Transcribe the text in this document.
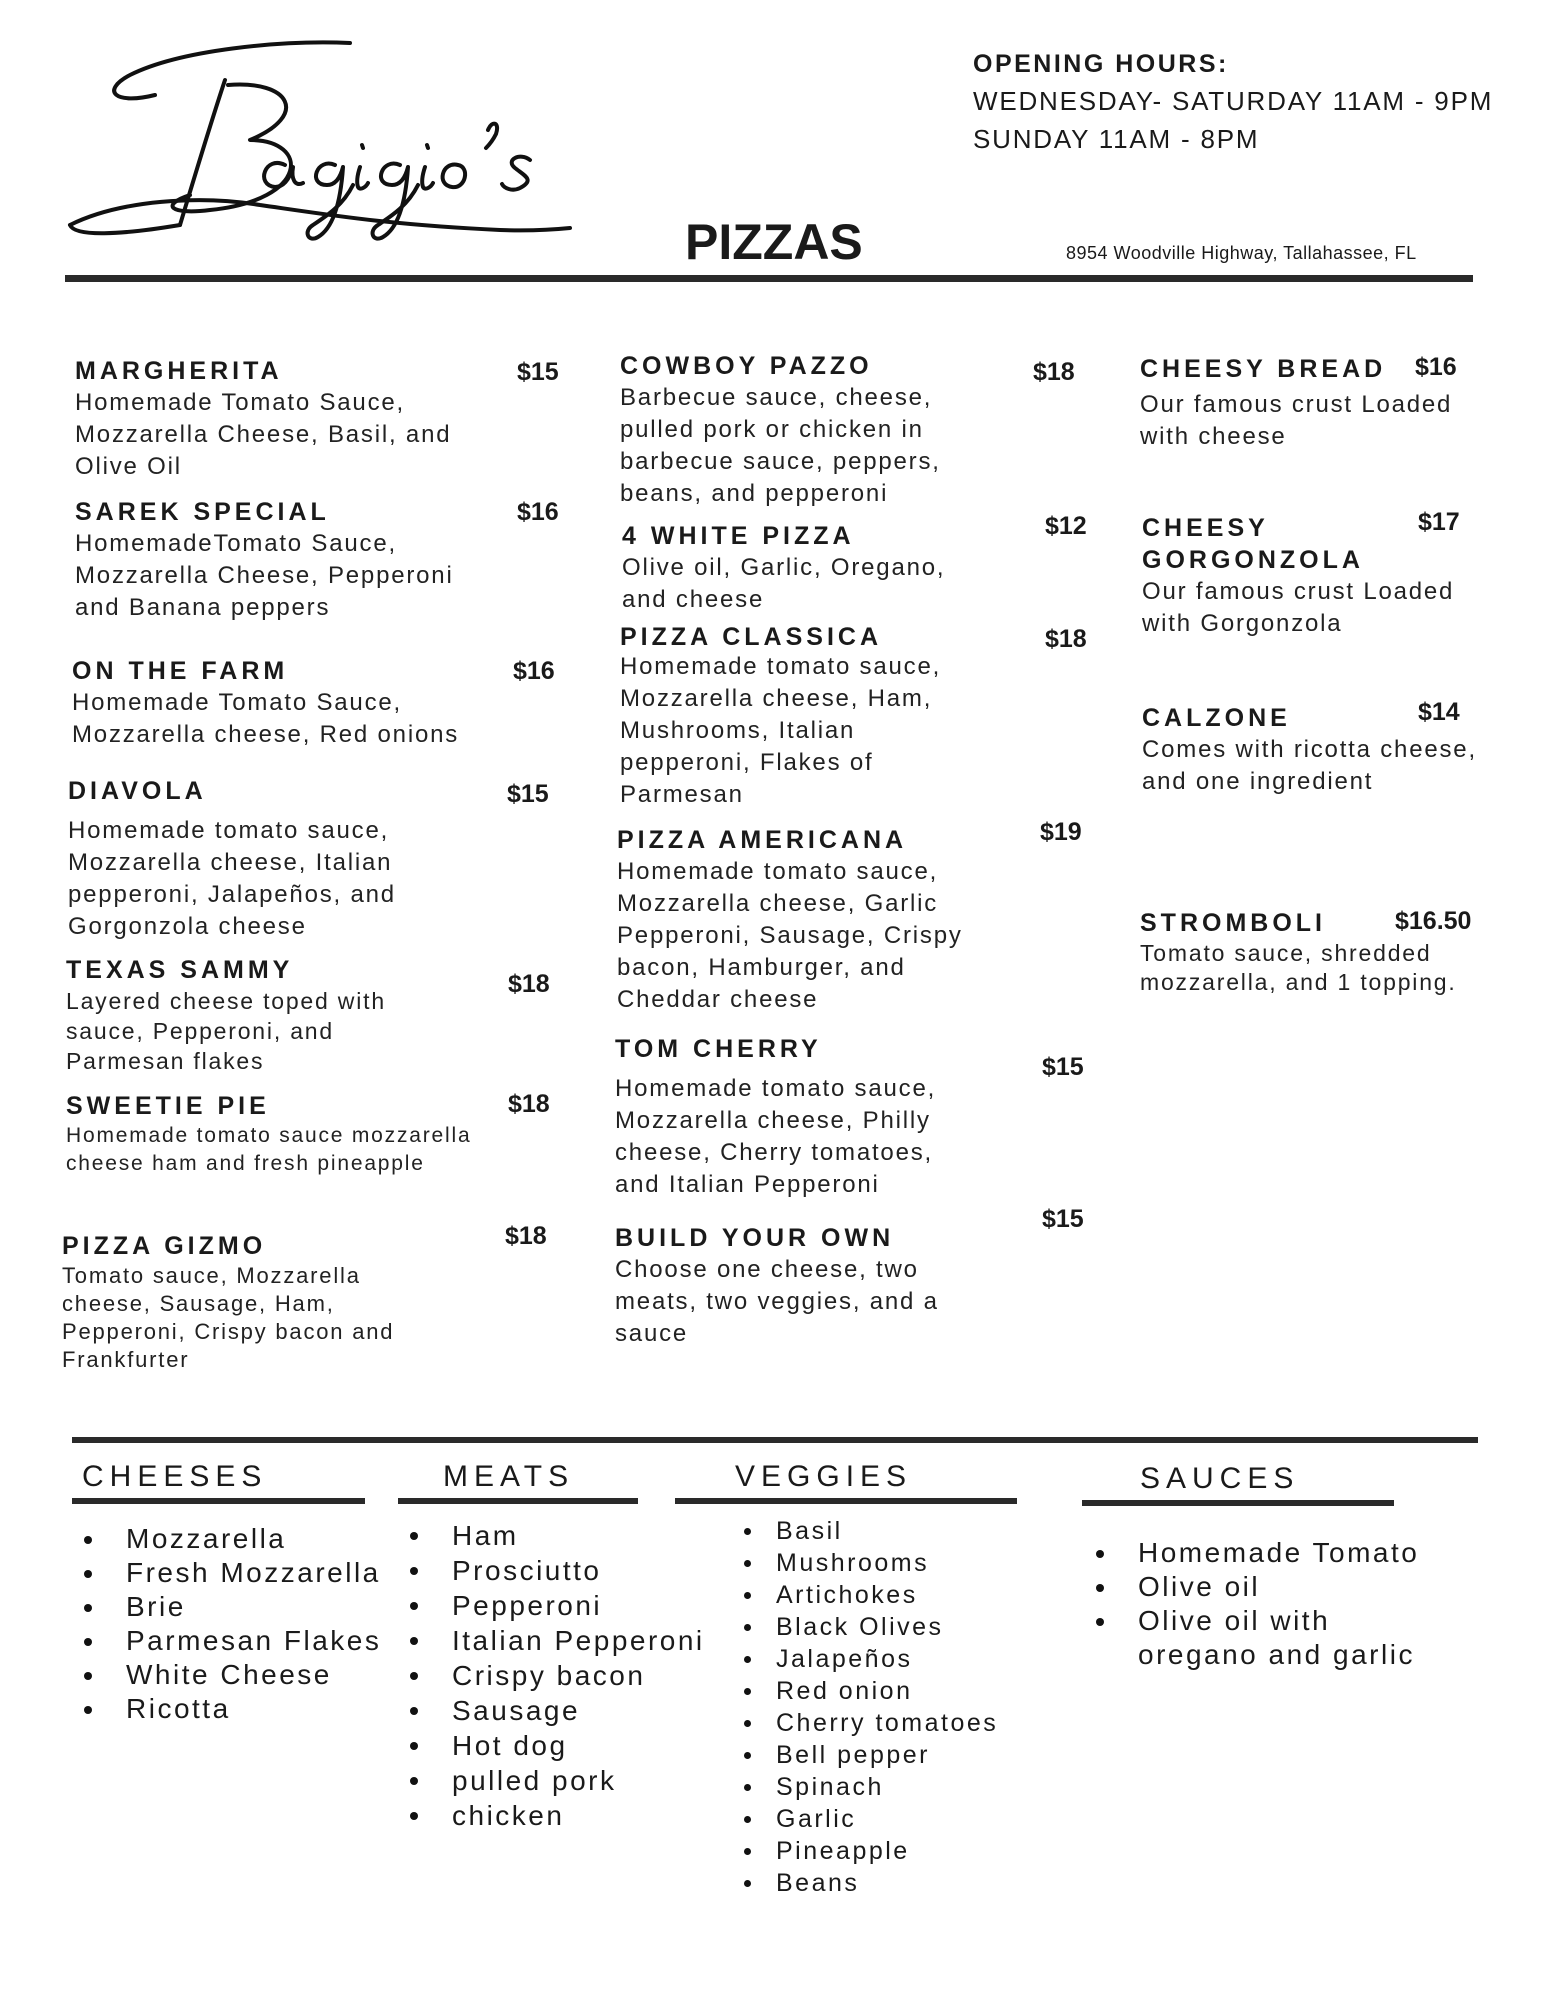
OPENING HOURS:
WEDNESDAY- SATURDAY 11AM - 9PM
SUNDAY 11AM - 8PM
PIZZAS	8954 Woodville Highway, Tallahassee, FL
MARGHERITA
Homemade Tomato Sauce, Mozzarella Cheese, Basil, and Olive Oil
$15
SAREK SPECIAL
HomemadeTomato Sauce, Mozzarella Cheese, Pepperoni and Banana peppers
$16
ON THE FARM
Homemade Tomato Sauce, Mozzarella cheese, Red onions
$16
DIAVOLA
Homemade tomato sauce, Mozzarella cheese, Italian pepperoni, Jalapeños, and Gorgonzola cheese
$15
TEXAS SAMMY
Layered cheese toped with sauce, Pepperoni, and Parmesan flakes
$18
SWEETIE PIE
Homemade tomato sauce mozzarella cheese ham and fresh pineapple
$18
PIZZA GIZMO
Tomato sauce, Mozzarella cheese, Sausage, Ham, Pepperoni, Crispy bacon and Frankfurter
$18
COWBOY PAZZO
Barbecue sauce, cheese, pulled pork or chicken in barbecue sauce, peppers, beans, and pepperoni
$18
4 WHITE PIZZA
Olive oil, Garlic, Oregano, and cheese
$12
PIZZA CLASSICA
Homemade tomato sauce, Mozzarella cheese, Ham, Mushrooms, Italian pepperoni, Flakes of Parmesan
$18
PIZZA AMERICANA
Homemade tomato sauce, Mozzarella cheese, Garlic Pepperoni, Sausage, Crispy bacon, Hamburger, and Cheddar cheese
$19
TOM CHERRY
Homemade tomato sauce, Mozzarella cheese, Philly cheese, Cherry tomatoes, and Italian Pepperoni
$15
BUILD YOUR OWN
Choose one cheese, two meats, two veggies, and a sauce
$15
CHEESY BREAD
Our famous crust Loaded with cheese
$16
CHEESY GORGONZOLA
Our famous crust Loaded with Gorgonzola
$17
CALZONE
Comes with ricotta cheese, and one ingredient
$14
STROMBOLI
Tomato sauce, shredded mozzarella, and 1 topping.
$16.50
CHEESES
Mozzarella
Fresh Mozzarella
Brie
Parmesan Flakes
White Cheese
Ricotta
MEATS
Ham
Prosciutto
Pepperoni
Italian Pepperoni
Crispy bacon
Sausage
Hot dog
pulled pork
chicken
VEGGIES
Basil
Mushrooms
Artichokes
Black Olives
Jalapeños
Red onion
Cherry tomatoes
Bell pepper
Spinach
Garlic
Pineapple
Beans
SAUCES
Homemade Tomato
Olive oil
Olive oil with oregano and garlic
